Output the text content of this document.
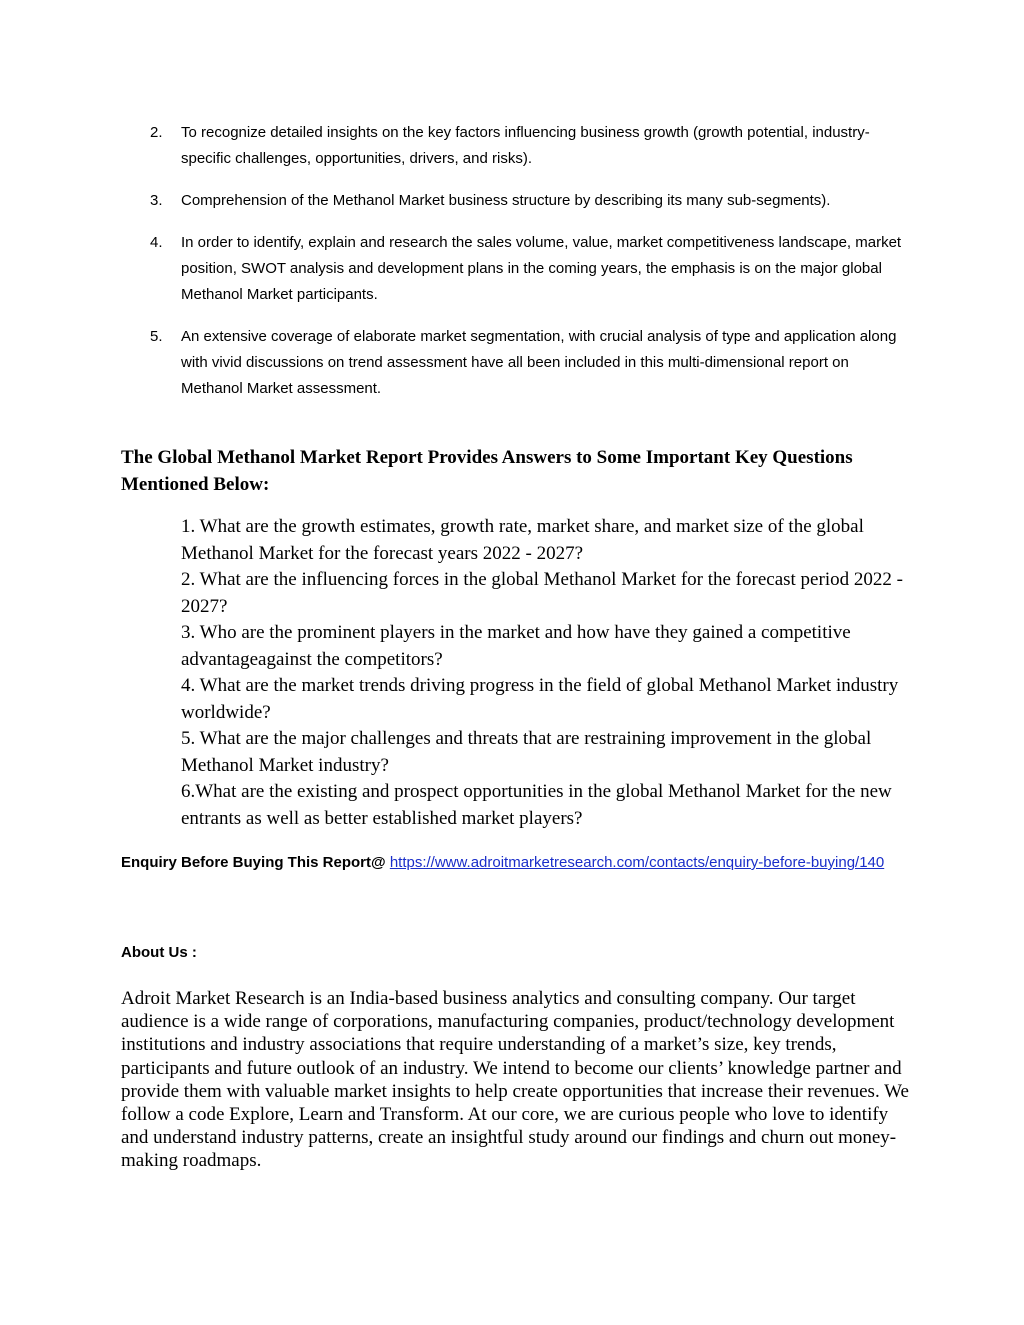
2.	To recognize detailed insights on the key factors influencing business growth (growth potential, industry-specific challenges, opportunities, drivers, and risks).
3.	Comprehension of the Methanol Market business structure by describing its many sub-segments).
4.	In order to identify, explain and research the sales volume, value, market competitiveness landscape, market position, SWOT analysis and development plans in the coming years, the emphasis is on the major global Methanol Market participants.
5.	An extensive coverage of elaborate market segmentation, with crucial analysis of type and application along with vivid discussions on trend assessment have all been included in this multi-dimensional report on Methanol Market assessment.
The Global Methanol Market Report Provides Answers to Some Important Key Questions Mentioned Below:
1. What are the growth estimates, growth rate, market share, and market size of the global Methanol Market for the forecast years 2022 - 2027?
2. What are the influencing forces in the global Methanol Market for the forecast period 2022 - 2027?
3. Who are the prominent players in the market and how have they gained a competitive advantageagainst the competitors?
4. What are the market trends driving progress in the field of global Methanol Market industry worldwide?
5. What are the major challenges and threats that are restraining improvement in the global Methanol Market industry?
6.What are the existing and prospect opportunities in the global Methanol Market for the new entrants as well as better established market players?

Enquiry Before Buying This Report@ https://www.adroitmarketresearch.com/contacts/enquiry-before-buying/140

About Us :

Adroit Market Research is an India-based business analytics and consulting company. Our target audience is a wide range of corporations, manufacturing companies, product/technology development institutions and industry associations that require understanding of a market’s size, key trends, participants and future outlook of an industry. We intend to become our clients’ knowledge partner and provide them with valuable market insights to help create opportunities that increase their revenues. We follow a code Explore, Learn and Transform. At our core, we are curious people who love to identify and understand industry patterns, create an insightful study around our findings and churn out money-making roadmaps.
